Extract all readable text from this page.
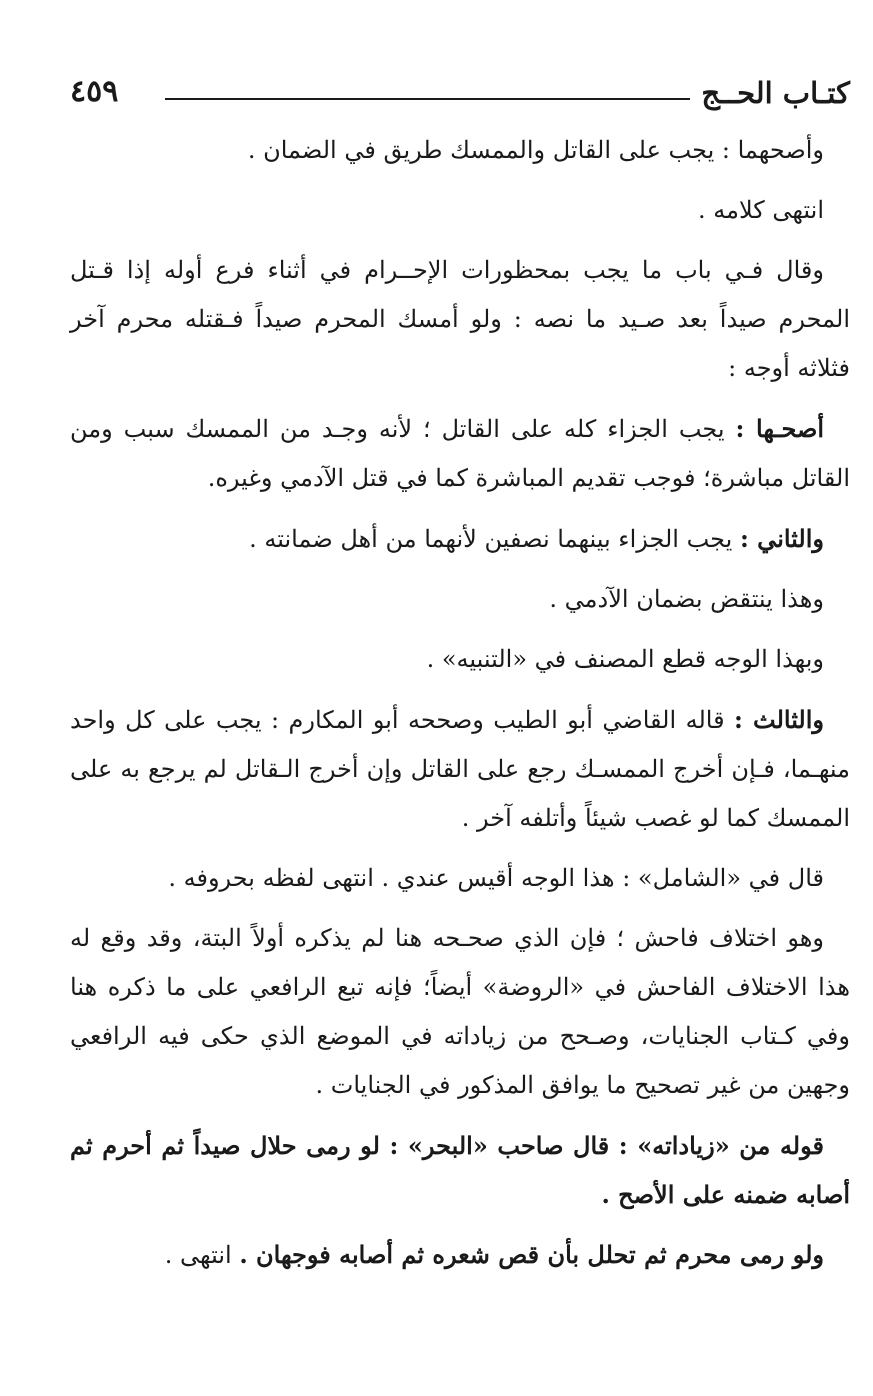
كتـاب الحــج
٤٥٩

وأصحهما : يجب على القاتل والممسك طريق في الضمان .

انتهى كلامه .

وقال فـي باب ما يجب بمحظورات الإحــرام في أثناء فرع أوله إذا قـتل المحرم صيداً بعد صـيد ما نصه : ولو أمسك المحرم صيداً فـقتله محرم آخر فثلاثه أوجه :

أصحـها : يجب الجزاء كله على القاتل ؛ لأنه وجـد من الممسك سبب ومن القاتل مباشرة؛ فوجب تقديم المباشرة كما في قتل الآدمي وغيره.

والثاني : يجب الجزاء بينهما نصفين لأنهما من أهل ضمانته .

وهذا ينتقض بضمان الآدمي .

وبهذا الوجه قطع المصنف في «التنبيه» .

والثالث : قاله القاضي أبو الطيب وصححه أبو المكارم : يجب على كل واحد منهـما، فـإن أخرج الممسـك رجع على القاتل وإن أخرج الـقاتل لم يرجع به على الممسك كما لو غصب شيئاً وأتلفه آخر .

قال في «الشامل» : هذا الوجه أقيس عندي . انتهى لفظه بحروفه .

وهو اختلاف فاحش ؛ فإن الذي صحـحه هنا لم يذكره أولاً البتة، وقد وقع له هذا الاختلاف الفاحش في «الروضة» أيضاً؛ فإنه تبع الرافعي على ما ذكره هنا وفي كـتاب الجنايات، وصـحح من زياداته في الموضع الذي حكى فيه الرافعي وجهين من غير تصحيح ما يوافق المذكور في الجنايات .

قوله من «زياداته» : قال صاحب «البحر» : لو رمى حلال صيداً ثم أحرم ثم أصابه ضمنه على الأصح .

ولو رمى محرم ثم تحلل بأن قص شعره ثم أصابه فوجهان . انتهى .
